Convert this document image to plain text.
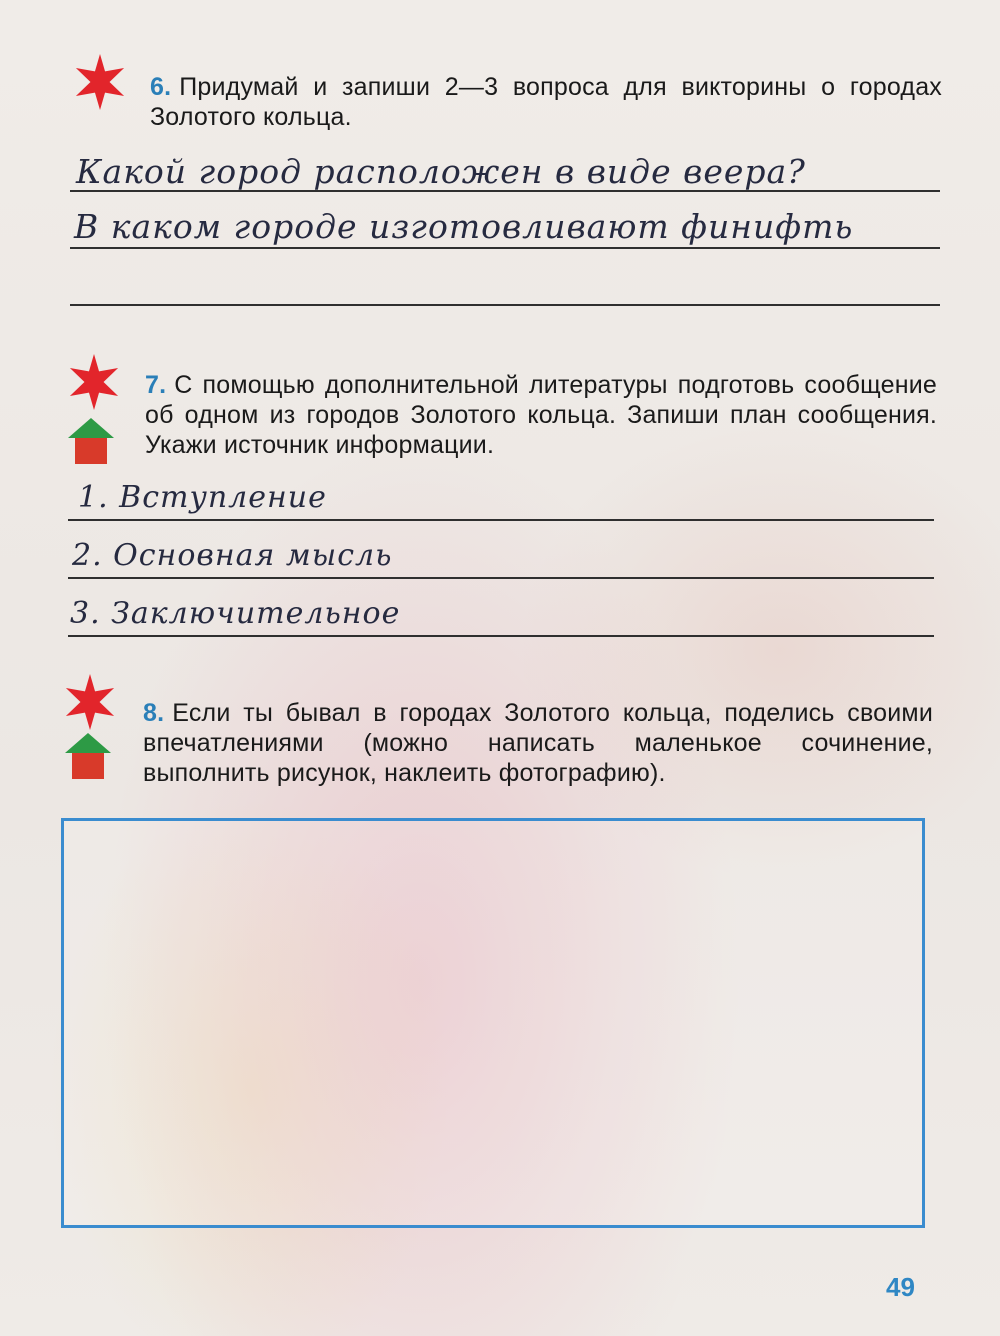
6. Придумай и запиши 2—3 вопроса для викторины о городах Золотого кольца.
Какой город расположен в виде веера?
В каком городе изготовливают финифть
7. С помощью дополнительной литературы подготовь сообщение об одном из городов Золотого кольца. Запиши план сообщения. Укажи источник информации.
1. Вступление
2. Основная мысль
3. Заключительное
8. Если ты бывал в городах Золотого кольца, поделись своими впечатлениями (можно написать маленькое сочинение, выполнить рисунок, наклеить фотографию).
49
